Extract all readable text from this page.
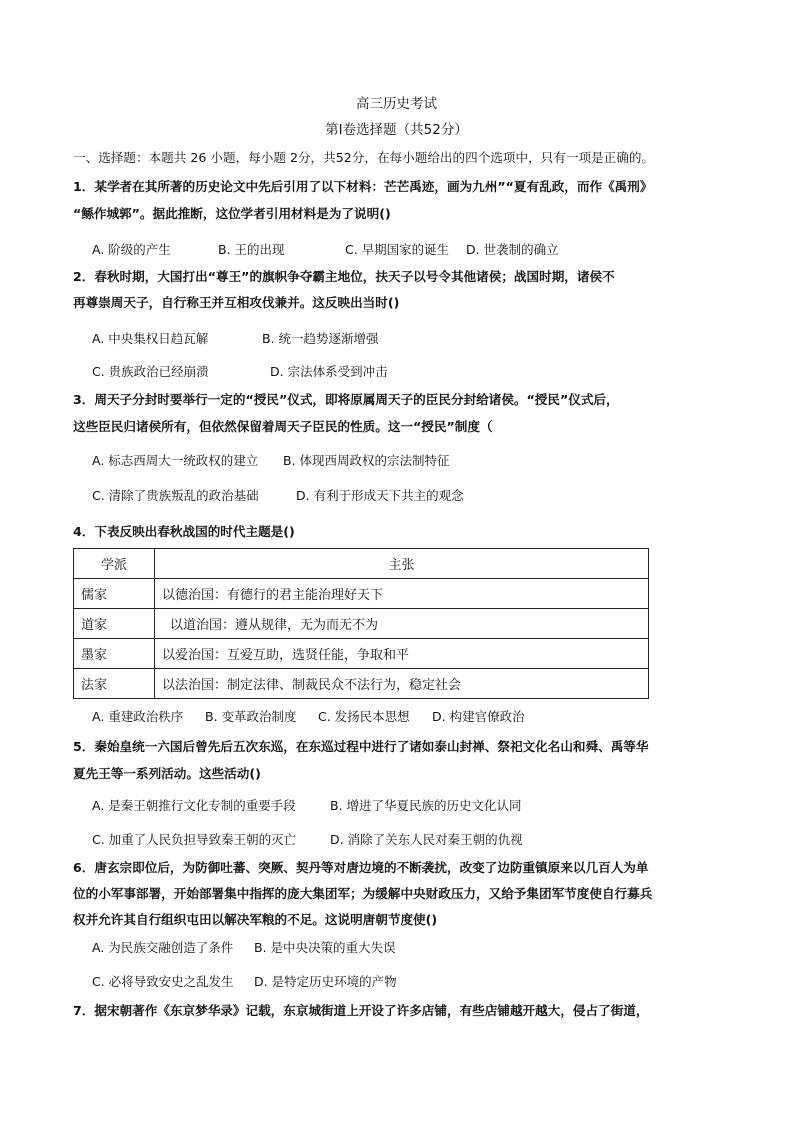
高三历史考试
第Ⅰ卷选择题（共52分）
一、选择题：本题共 26 小题，每小题 2分，共52分，在每小题给出的四个选项中，只有一项是正确的。
1．某学者在其所著的历史论文中先后引用了以下材料：芒芒禹迹，画为九州”“夏有乱政，而作《禹刑》
“鲧作城郭”。据此推断，这位学者引用材料是为了说明()
A. 阶级的产生	B. 王的出现	C. 早期国家的诞生 D. 世袭制的确立
2．春秋时期，大国打出“尊王”的旗帜争夺霸主地位，扶天子以号令其他诸侯；战国时期，诸侯不
再尊崇周天子，自行称王并互相攻伐兼并。这反映出当时()
A. 中央集权日趋瓦解	B. 统一趋势逐渐增强
C. 贵族政治已经崩溃	D. 宗法体系受到冲击
3．周天子分封时要举行一定的“授民”仪式，即将原属周天子的臣民分封给诸侯。“授民”仪式后，
这些臣民归诸侯所有，但依然保留着周天子臣民的性质。这一“授民”制度（
A. 标志西周大一统政权的建立 B. 体现西周政权的宗法制特征
C. 清除了贵族叛乱的政治基础	D. 有利于形成天下共主的观念
4．下表反映出春秋战国的时代主题是()
学派	主张
儒家	以德治国：有德行的君主能治理好天下
道家	以道治国：遵从规律，无为而无不为
墨家	以爱治国：互爱互助，选贤任能，争取和平
法家	以法治国：制定法律、制裁民众不法行为，稳定社会
A. 重建政治秩序 B. 变革政治制度 C. 发扬民本思想 D. 构建官僚政治
5．秦始皇统一六国后曾先后五次东巡，在东巡过程中进行了诸如泰山封禅、祭祀文化名山和舜、禹等华
夏先王等一系列活动。这些活动()
A. 是秦王朝推行文化专制的重要手段	B. 增进了华夏民族的历史文化认同
C. 加重了人民负担导致秦王朝的灭亡	D. 消除了关东人民对秦王朝的仇视
6．唐玄宗即位后，为防御吐蕃、突厥、契丹等对唐边境的不断袭扰，改变了边防重镇原来以几百人为单
位的小军事部署，开始部署集中指挥的庞大集团军；为缓解中央财政压力，又给予集团军节度使自行募兵
权并允许其自行组织屯田以解决军粮的不足。这说明唐朝节度使()
A. 为民族交融创造了条件 B. 是中央决策的重大失误
C. 必将导致安史之乱发生 D. 是特定历史环境的产物
7．据宋朝著作《东京梦华录》记载，东京城街道上开设了许多店铺，有些店铺越开越大，侵占了街道，
